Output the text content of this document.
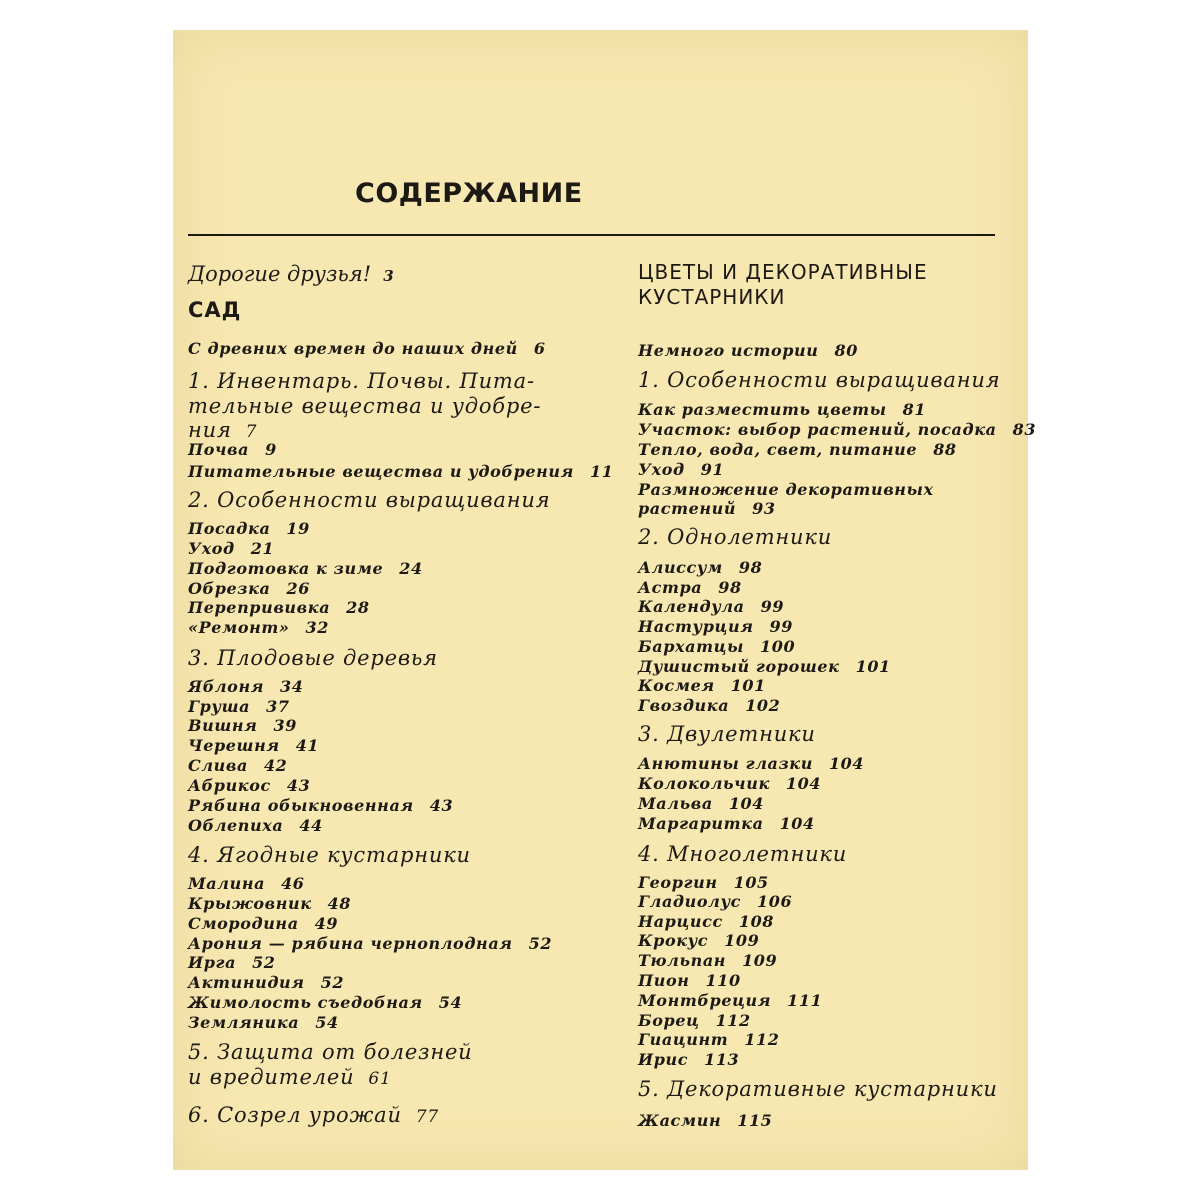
СОДЕРЖАНИЕ
Дорогие друзья! 3
САД
С древних времен до наших дней 6
1. Инвентарь. Почвы. Пита-
тельные вещества и удобре-
ния 7
Почва 9
Питательные вещества и удобрения 11
2. Особенности выращивания
Посадка 19
Уход 21
Подготовка к зиме 24
Обрезка 26
Перепрививка 28
«Ремонт» 32
3. Плодовые деревья
Яблоня 34
Груша 37
Вишня 39
Черешня 41
Слива 42
Абрикос 43
Рябина обыкновенная 43
Облепиха 44
4. Ягодные кустарники
Малина 46
Крыжовник 48
Смородина 49
Арония — рябина черноплодная 52
Ирга 52
Актинидия 52
Жимолость съедобная 54
Земляника 54
5. Защита от болезней
и вредителей 61
6. Созрел урожай 77
ЦВЕТЫ И ДЕКОРАТИВНЫЕ
КУСТАРНИКИ
Немного истории 80
1. Особенности выращивания
Как разместить цветы 81
Участок: выбор растений, посадка 83
Тепло, вода, свет, питание 88
Уход 91
Размножение декоративных
растений 93
2. Однолетники
Алиссум 98
Астра 98
Календула 99
Настурция 99
Бархатцы 100
Душистый горошек 101
Космея 101
Гвоздика 102
3. Двулетники
Анютины глазки 104
Колокольчик 104
Мальва 104
Маргаритка 104
4. Многолетники
Георгин 105
Гладиолус 106
Нарцисс 108
Крокус 109
Тюльпан 109
Пион 110
Монтбреция 111
Борец 112
Гиацинт 112
Ирис 113
5. Декоративные кустарники
Жасмин 115
